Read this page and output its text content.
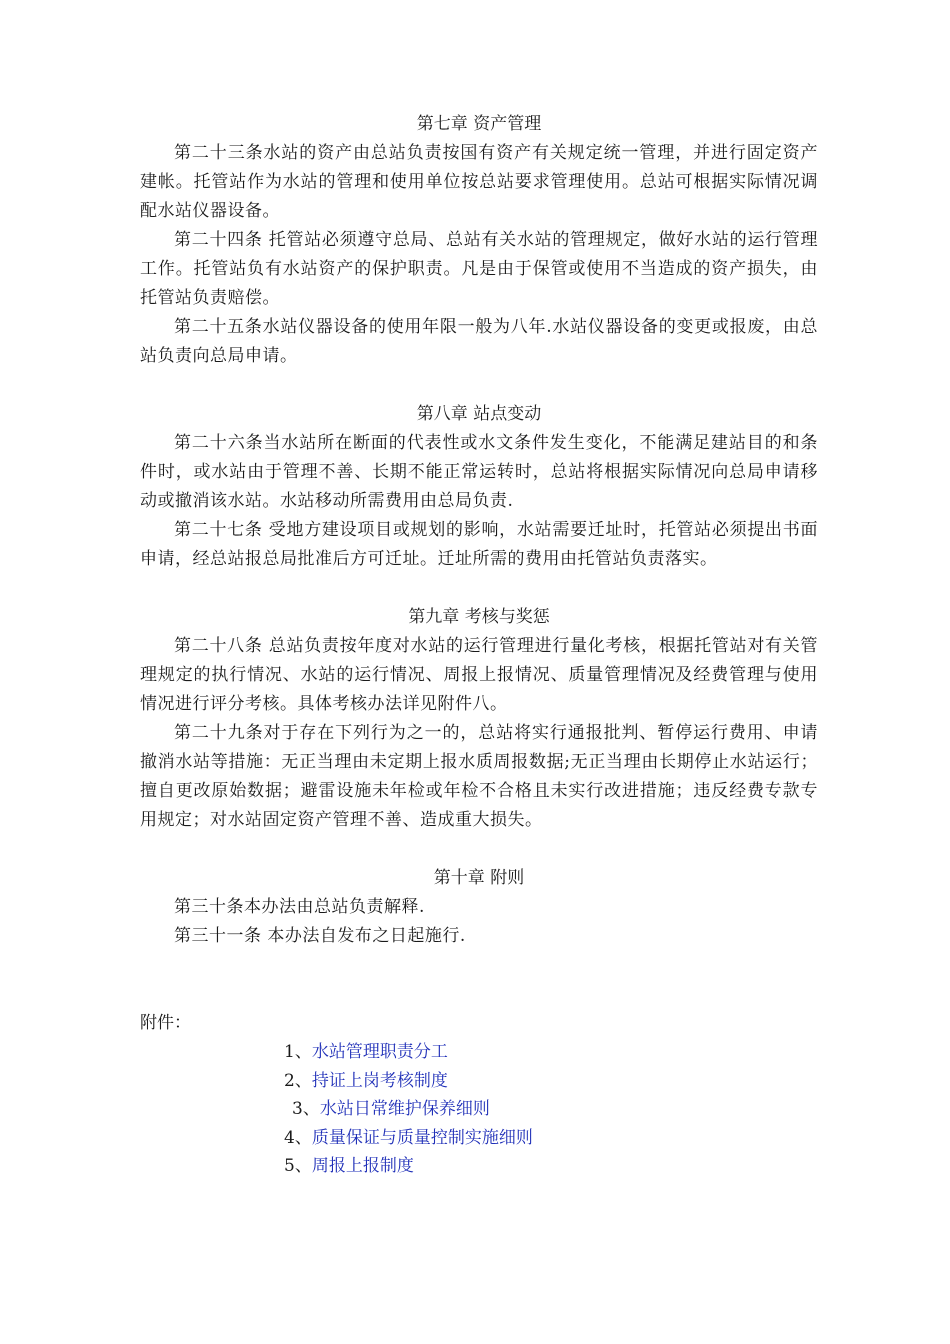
第七章 资产管理

第二十三条水站的资产由总站负责按国有资产有关规定统一管理，并进行固定资产建帐。托管站作为水站的管理和使用单位按总站要求管理使用。总站可根据实际情况调配水站仪器设备。

第二十四条 托管站必须遵守总局、总站有关水站的管理规定，做好水站的运行管理工作。托管站负有水站资产的保护职责。凡是由于保管或使用不当造成的资产损失，由托管站负责赔偿。

第二十五条水站仪器设备的使用年限一般为八年.水站仪器设备的变更或报废，由总站负责向总局申请。

第八章 站点变动

第二十六条当水站所在断面的代表性或水文条件发生变化，不能满足建站目的和条件时，或水站由于管理不善、长期不能正常运转时，总站将根据实际情况向总局申请移动或撤消该水站。水站移动所需费用由总局负责.

第二十七条 受地方建设项目或规划的影响，水站需要迁址时，托管站必须提出书面申请，经总站报总局批准后方可迁址。迁址所需的费用由托管站负责落实。

第九章 考核与奖惩

第二十八条 总站负责按年度对水站的运行管理进行量化考核，根据托管站对有关管理规定的执行情况、水站的运行情况、周报上报情况、质量管理情况及经费管理与使用情况进行评分考核。具体考核办法详见附件八。

第二十九条对于存在下列行为之一的，总站将实行通报批判、暂停运行费用、申请撤消水站等措施：无正当理由未定期上报水质周报数据;无正当理由长期停止水站运行；擅自更改原始数据；避雷设施未年检或年检不合格且未实行改进措施；违反经费专款专用规定；对水站固定资产管理不善、造成重大损失。

第十章 附则

第三十条本办法由总站负责解释.

第三十一条 本办法自发布之日起施行.

附件：

1、水站管理职责分工
2、持证上岗考核制度
3、水站日常维护保养细则
4、质量保证与质量控制实施细则
5、周报上报制度
